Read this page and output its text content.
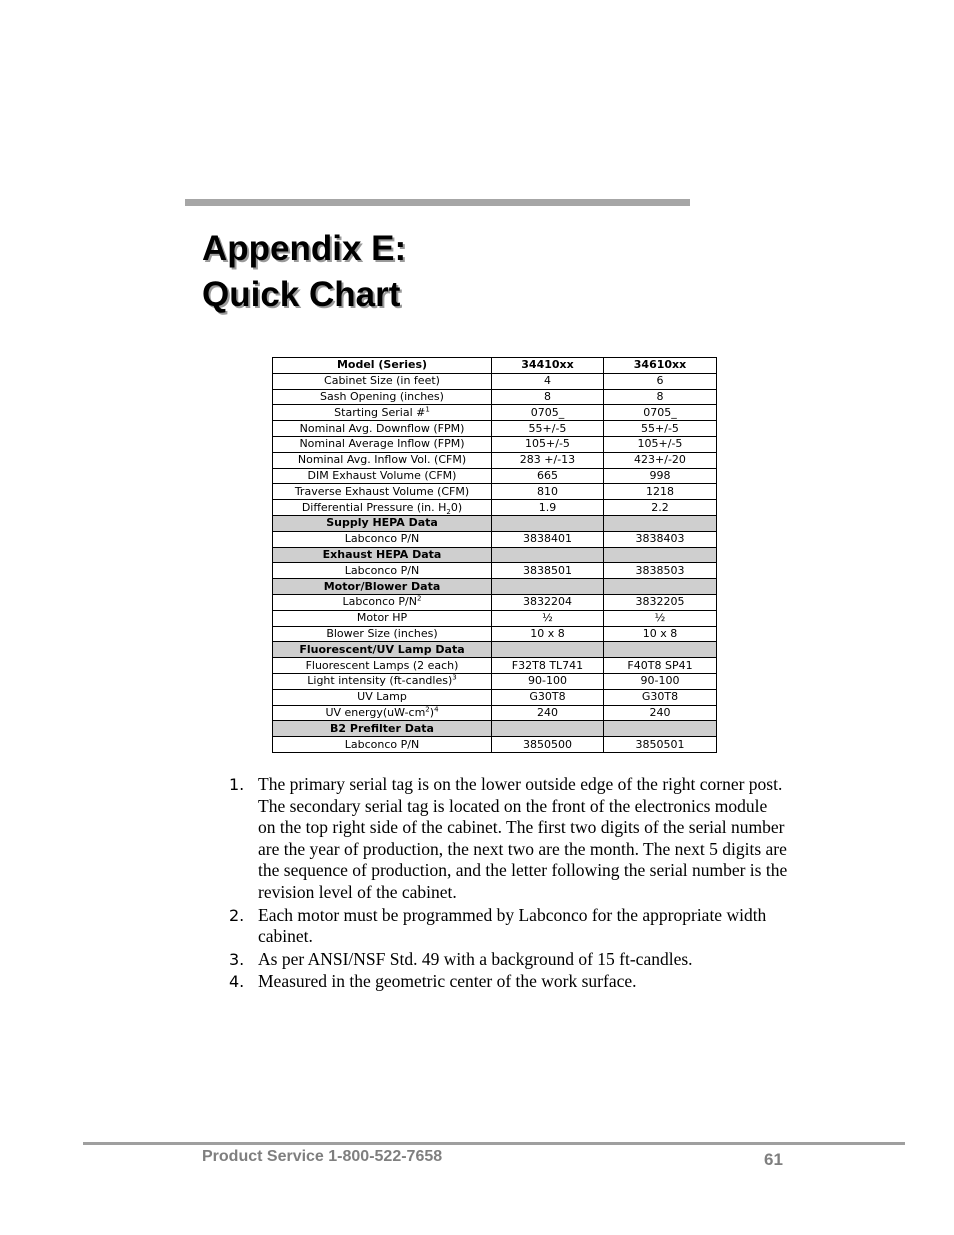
Appendix E:
Quick Chart
Model (Series)	34410xx	34610xx
Cabinet Size (in feet)	4	6
Sash Opening (inches)	8	8
Starting Serial #$^1$	0705_	0705_
Nominal Avg. Downflow (FPM)	55+/-5	55+/-5
Nominal Average Inflow (FPM)	105+/-5	105+/-5
Nominal Avg. Inflow Vol. (CFM)	283 +/-13	423+/-20
DIM Exhaust Volume (CFM)	665	998
Traverse Exhaust Volume (CFM)	810	1218
Differential Pressure (in. $H_20$)	1.9	2.2
Supply HEPA Data		
Labconco P/N	3838401	3838403
Exhaust HEPA Data		
Labconco P/N	3838501	3838503
Motor/Blower Data		
Labconco $P/N^2$	3832204	3832205
Motor HP	½	½
Blower Size (inches)	10 x 8	10 x 8
Fluorescent/UV Lamp Data		
Fluorescent Lamps (2 each)	F32T8 TL741	F40T8 SP41
Light intensity (ft-candles)$^3$	90-100	90-100
UV Lamp	G30T8	G30T8
UV $energy(uW-cm^2)^4$	240	240
B2 Prefilter Data		
Labconco P/N	3850500	3850501
1. The primary serial tag is on the lower outside edge of the right corner post. The secondary serial tag is located on the front of the electronics module on the top right side of the cabinet. The first two digits of the serial number are the year of production, the next two are the month. The next 5 digits are the sequence of production, and the letter following the serial number is the revision level of the cabinet.
2. Each motor must be programmed by Labconco for the appropriate width cabinet.
3. As per ANSI/NSF Std. 49 with a background of 15 ft-candles.
4. Measured in the geometric center of the work surface.
Product Service 1-800-522-7658	61
